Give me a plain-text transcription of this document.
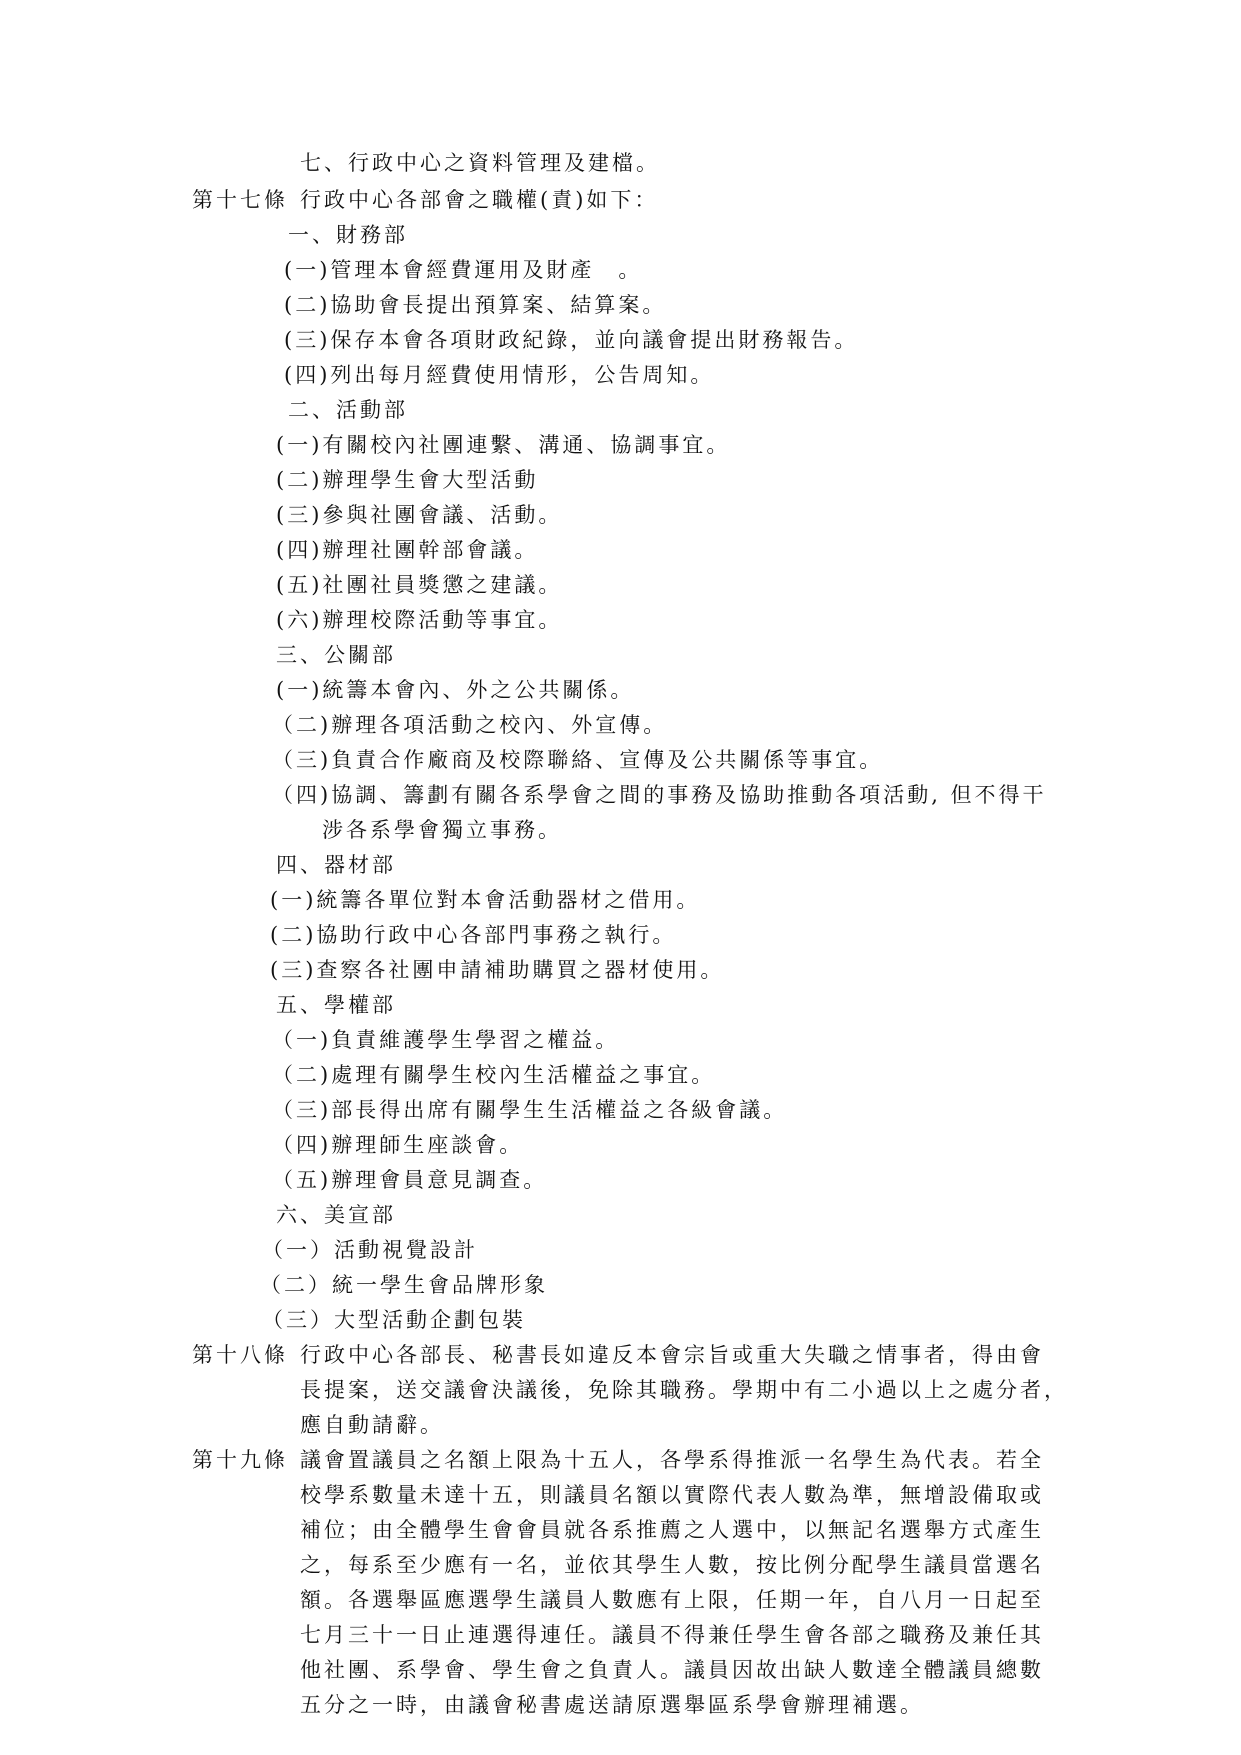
七、行政中心之資料管理及建檔。
第十七條 行政中心各部會之職權(責)如下：
一、財務部
(一)管理本會經費運用及財產　。
(二)協助會長提出預算案、結算案。
(三)保存本會各項財政紀錄，並向議會提出財務報告。
(四)列出每月經費使用情形，公告周知。
二、活動部
(一)有關校內社團連繫、溝通、協調事宜。
(二)辦理學生會大型活動
(三)參與社團會議、活動。
(四)辦理社團幹部會議。
(五)社團社員獎懲之建議。
(六)辦理校際活動等事宜。
三、公關部
(一)統籌本會內、外之公共關係。
（二)辦理各項活動之校內、外宣傳。
（三)負責合作廠商及校際聯絡、宣傳及公共關係等事宜。
（四)協調、籌劃有關各系學會之間的事務及協助推動各項活動, 但不得干
涉各系學會獨立事務。
四、器材部
(一)統籌各單位對本會活動器材之借用。
(二)協助行政中心各部門事務之執行。
(三)查察各社團申請補助購買之器材使用。
五、學權部
（一)負責維護學生學習之權益。
（二)處理有關學生校內生活權益之事宜。
（三)部長得出席有關學生生活權益之各級會議。
（四)辦理師生座談會。
（五)辦理會員意見調查。
六、美宣部
（一）活動視覺設計
（二）統一學生會品牌形象
（三）大型活動企劃包裝
第十八條 行政中心各部長、秘書長如違反本會宗旨或重大失職之情事者，得由會
長提案，送交議會決議後，免除其職務。學期中有二小過以上之處分者，
應自動請辭。
第十九條 議會置議員之名額上限為十五人，各學系得推派一名學生為代表。若全
校學系數量未達十五，則議員名額以實際代表人數為準，無增設備取或
補位；由全體學生會會員就各系推薦之人選中，以無記名選舉方式產生
之，每系至少應有一名，並依其學生人數，按比例分配學生議員當選名
額。各選舉區應選學生議員人數應有上限，任期一年，自八月一日起至
七月三十一日止連選得連任。議員不得兼任學生會各部之職務及兼任其
他社團、系學會、學生會之負責人。議員因故出缺人數達全體議員總數
五分之一時，由議會秘書處送請原選舉區系學會辦理補選。
